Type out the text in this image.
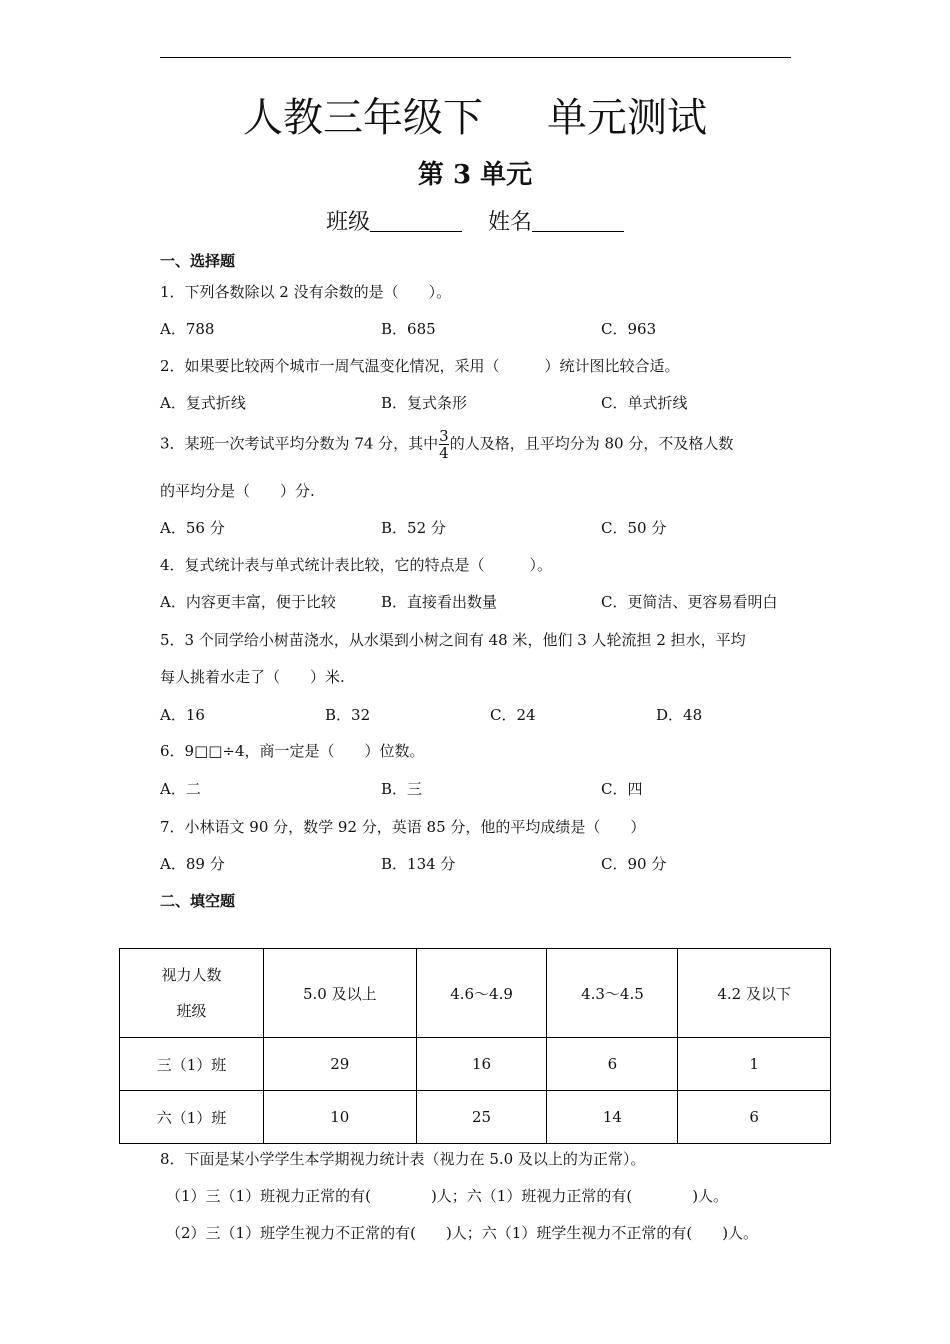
人教三年级下 单元测试
第 3 单元
班级	姓名
一、选择题
1．下列各数除以 2 没有余数的是（　　）。
A．788	B．685	C．963
2．如果要比较两个城市一周气温变化情况，采用（　　　）统计图比较合适。
A．复式折线	B．复式条形	C．单式折线
3．某班一次考试平均分数为 74 分，其中 $\frac{3}{4}$ 的人及格，且平均分为 80 分，不及格人数
的平均分是（　　）分.
A．56 分	B．52 分	C．50 分
4．复式统计表与单式统计表比较，它的特点是（　　　）。
A．内容更丰富，便于比较	B．直接看出数量	C．更简洁、更容易看明白
5．3 个同学给小树苗浇水，从水渠到小树之间有 48 米，他们 3 人轮流担 2 担水，平均
每人挑着水走了（　　）米.
A．16	B．32	C．24	D．48
6．9□□÷4，商一定是（　　）位数。
A．二	B．三	C．四
7．小林语文 90 分，数学 92 分，英语 85 分，他的平均成绩是（　　）
A．89 分	B．134 分	C．90 分
二、填空题
视力人数
班级	5.0 及以上	4.6～4.9	4.3～4.5	4.2 及以下
三（1）班	29	16	6	1
六（1）班	10	25	14	6
8．下面是某小学学生本学期视力统计表（视力在 5.0 及以上的为正常）。
（1）三（1）班视力正常的有(　　　　)人；六（1）班视力正常的有(　　　　)人。
（2）三（1）班学生视力不正常的有(　　)人；六（1）班学生视力不正常的有(　　)人。
